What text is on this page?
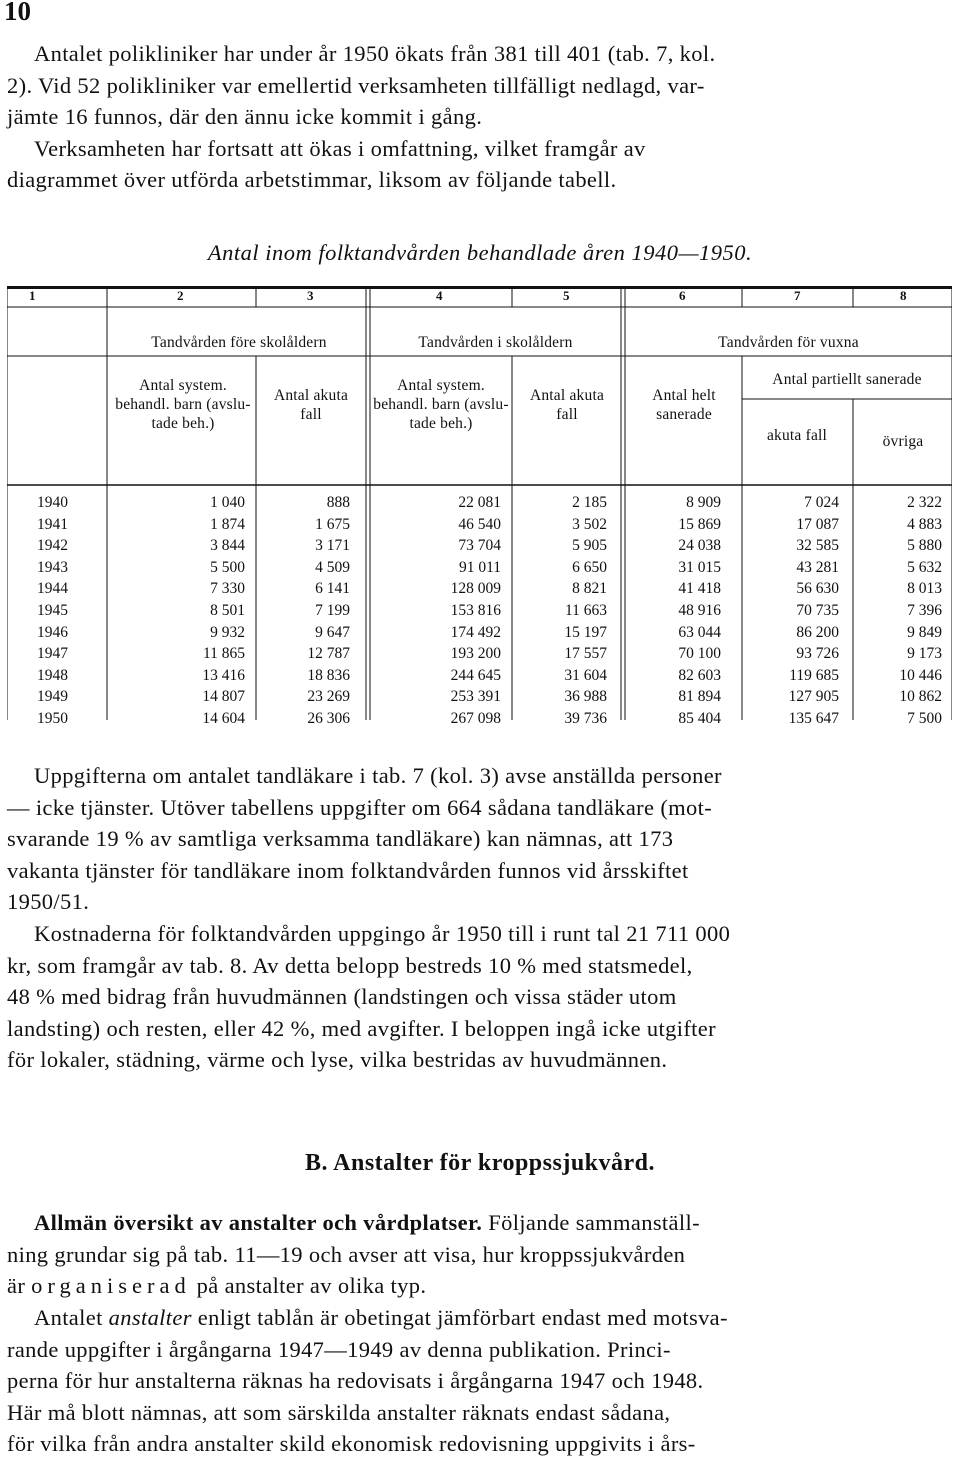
10
Antalet polikliniker har under år 1950 ökats från 381 till 401 (tab. 7, kol.
2). Vid 52 polikliniker var emellertid verksamheten tillfälligt nedlagd, var-
jämte 16 funnos, där den ännu icke kommit i gång.
Verksamheten har fortsatt att ökas i omfattning, vilket framgår av
diagrammet över utförda arbetstimmar, liksom av följande tabell.
Antal inom folktandvården behandlade åren 1940—1950.
1	2	3	4	5	6	7	8
Tandvården före skolåldern	Tandvården i skolåldern	Tandvården för vuxna
Antal system. behandl. barn (avslu- tade beh.)
Antal akuta fall
Antal system. behandl. barn (avslu- tade beh.)
Antal akuta fall
Antal helt sanerade
Antal partiellt sanerade
akuta fall	övriga
1940	1 040	888	22 081	2 185	8 909	7 024	2 322
1941	1 874	1 675	46 540	3 502	15 869	17 087	4 883
1942	3 844	3 171	73 704	5 905	24 038	32 585	5 880
1943	5 500	4 509	91 011	6 650	31 015	43 281	5 632
1944	7 330	6 141	128 009	8 821	41 418	56 630	8 013
1945	8 501	7 199	153 816	11 663	48 916	70 735	7 396
1946	9 932	9 647	174 492	15 197	63 044	86 200	9 849
1947	11 865	12 787	193 200	17 557	70 100	93 726	9 173
1948	13 416	18 836	244 645	31 604	82 603	119 685	10 446
1949	14 807	23 269	253 391	36 988	81 894	127 905	10 862
1950	14 604	26 306	267 098	39 736	85 404	135 647	7 500
Uppgifterna om antalet tandläkare i tab. 7 (kol. 3) avse anställda personer
— icke tjänster. Utöver tabellens uppgifter om 664 sådana tandläkare (mot-
svarande 19 % av samtliga verksamma tandläkare) kan nämnas, att 173
vakanta tjänster för tandläkare inom folktandvården funnos vid årsskiftet
1950/51.
Kostnaderna för folktandvården uppgingo år 1950 till i runt tal 21 711 000
kr, som framgår av tab. 8. Av detta belopp bestreds 10 % med statsmedel,
48 % med bidrag från huvudmännen (landstingen och vissa städer utom
landsting) och resten, eller 42 %, med avgifter. I beloppen ingå icke utgifter
för lokaler, städning, värme och lyse, vilka bestridas av huvudmännen.
B. Anstalter för kroppssjukvård.
Allmän översikt av anstalter och vårdplatser. Följande sammanställ-
ning grundar sig på tab. 11—19 och avser att visa, hur kroppssjukvården
är organiserad på anstalter av olika typ.
Antalet anstalter enligt tablån är obetingat jämförbart endast med motsva-
rande uppgifter i årgångarna 1947—1949 av denna publikation. Princi-
perna för hur anstalterna räknas ha redovisats i årgångarna 1947 och 1948.
Här må blott nämnas, att som särskilda anstalter räknats endast sådana,
för vilka från andra anstalter skild ekonomisk redovisning uppgivits i års-
